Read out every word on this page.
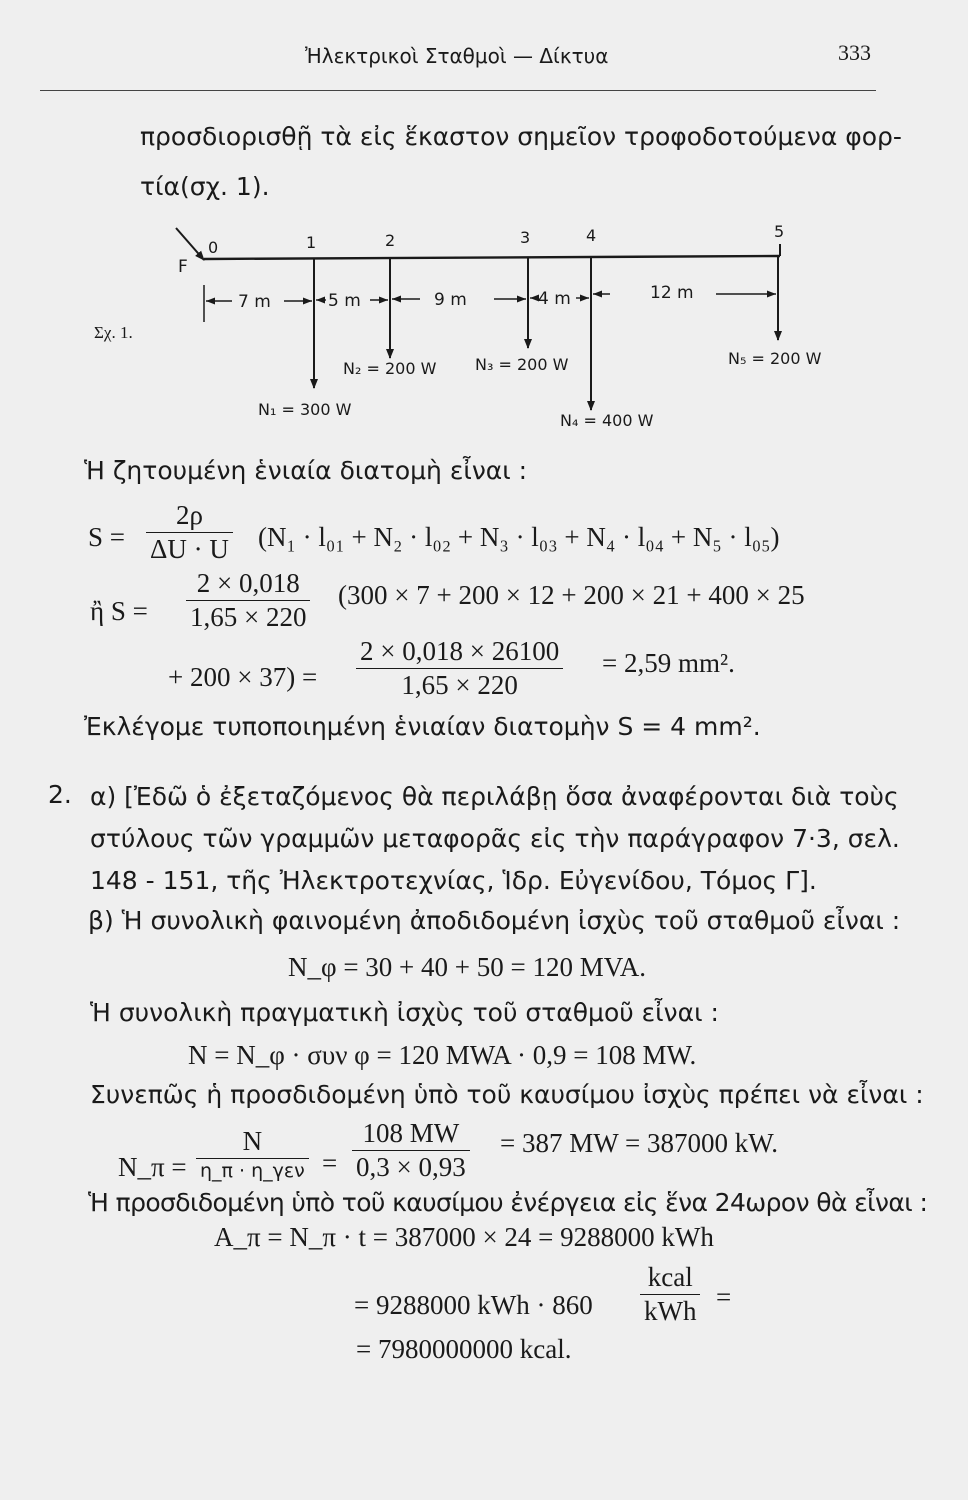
Ἠλεκτρικοὶ Σταθμοὶ — Δίκτυα	333
προσδιορισθῇ τὰ εἰς ἕκαστον σημεῖον τροφοδοτούμενα φορ-
τία(σχ. 1).
F
0	1	2	3	4	5
7 m	5 m	9 m	4 m	12 m
Σχ. 1.
N₁ = 300 W
N₂ = 200 W N₃ = 200 W
N₄ = 400 W
N₅ = 200 W
Ἡ ζητουμένη ἑνιαία διατομὴ εἶναι :
S =
2ρ
ΔU · U (N₁ · l₀₁ + N₂ · l₀₂ + N₃ · l₀₃ + N₄ · l₀₄ + N₅ · l₀₅)
ἢ S =
2 × 0,018
1,65 × 220
(300 × 7 + 200 × 12 + 200 × 21 + 400 × 25
+ 200 × 37) =
2 × 0,018 × 26100
1,65 × 220
= 2,59 mm².
Ἐκλέγομε τυποποιημένη ἑνιαίαν διατομὴν S = 4 mm².
2. α) [Ἐδῶ ὁ ἐξεταζόμενος θὰ περιλάβῃ ὅσα ἀναφέρονται διὰ τοὺς
στύλους τῶν γραμμῶν μεταφορᾶς εἰς τὴν παράγραφον 7·3, σελ.
148 - 151, τῆς Ἠλεκτροτεχνίας, Ἱδρ. Εὐγενίδου, Τόμος Γ].
β) Ἡ συνολικὴ φαινομένη ἀποδιδομένη ἰσχὺς τοῦ σταθμοῦ εἶναι :
N_φ = 30 + 40 + 50 = 120 MVA.
Ἡ συνολικὴ πραγματικὴ ἰσχὺς τοῦ σταθμοῦ εἶναι :
N = N_φ · συν φ = 120 MWA · 0,9 = 108 MW.
Συνεπῶς ἡ προσδιδομένη ὑπὸ τοῦ καυσίμου ἰσχὺς πρέπει νὰ εἶναι :
N_π =
N
η_π · η_γεν =
108 MW
0,3 × 0,93
= 387 MW = 387000 kW.
Ἡ προσδιδομένη ὑπὸ τοῦ καυσίμου ἐνέργεια εἰς ἕνα 24ωρον θὰ εἶναι :
A_π = N_π · t = 387000 × 24 = 9288000 kWh
= 9288000 kWh · 860
kcal
kWh =
= 7980000000 kcal.
